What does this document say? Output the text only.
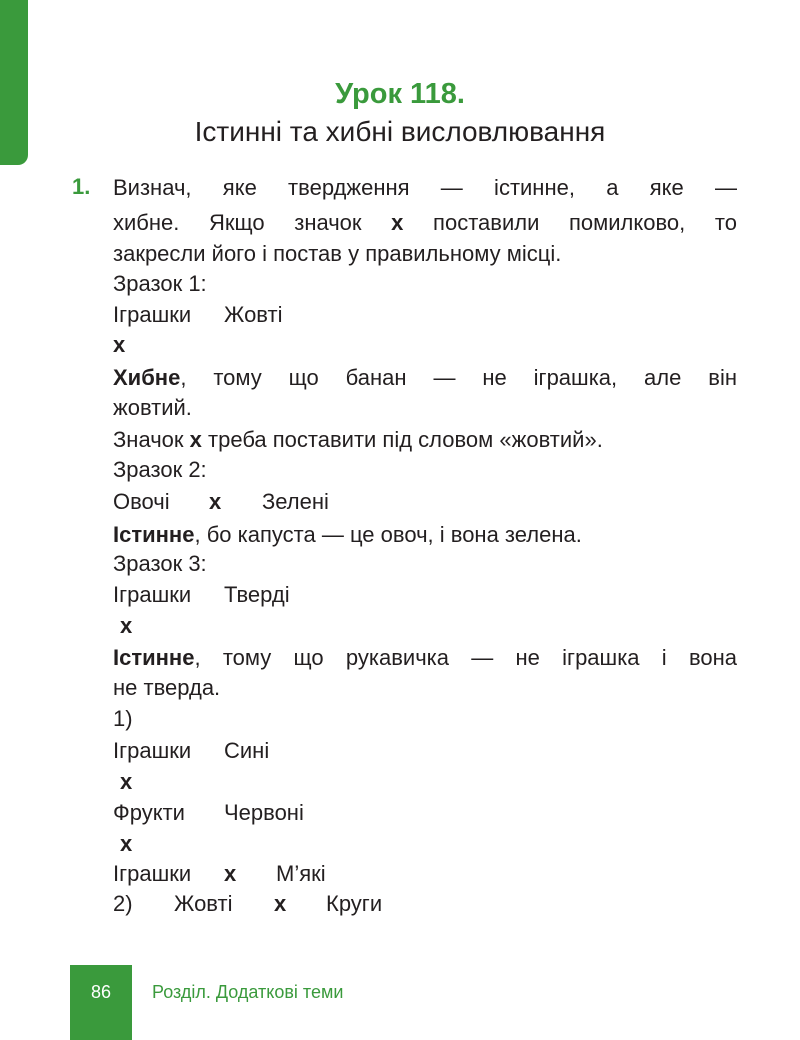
Урок 118.
Істинні та хибні висловлювання
1. Визнач, яке твердження — істинне, а яке —
хибне. Якщо значок x поставили помилково, то
закресли його і постав у правильному місці.
Зразок 1:
Іграшки Жовті
x
Хибне, тому що банан — не іграшка, але він
жовтий.
Значок x треба поставити під словом «жовтий».
Зразок 2:
Овочі x Зелені
Істинне, бо капуста — це овоч, і вона зелена.
Зразок 3:
Іграшки Тверді
x
Істинне, тому що рукавичка — не іграшка і вона
не тверда.
1)
Іграшки Сині
x
Фрукти Червоні
x
Іграшки x М’які
2) Жовті x Круги
86	Розділ. Додаткові теми
